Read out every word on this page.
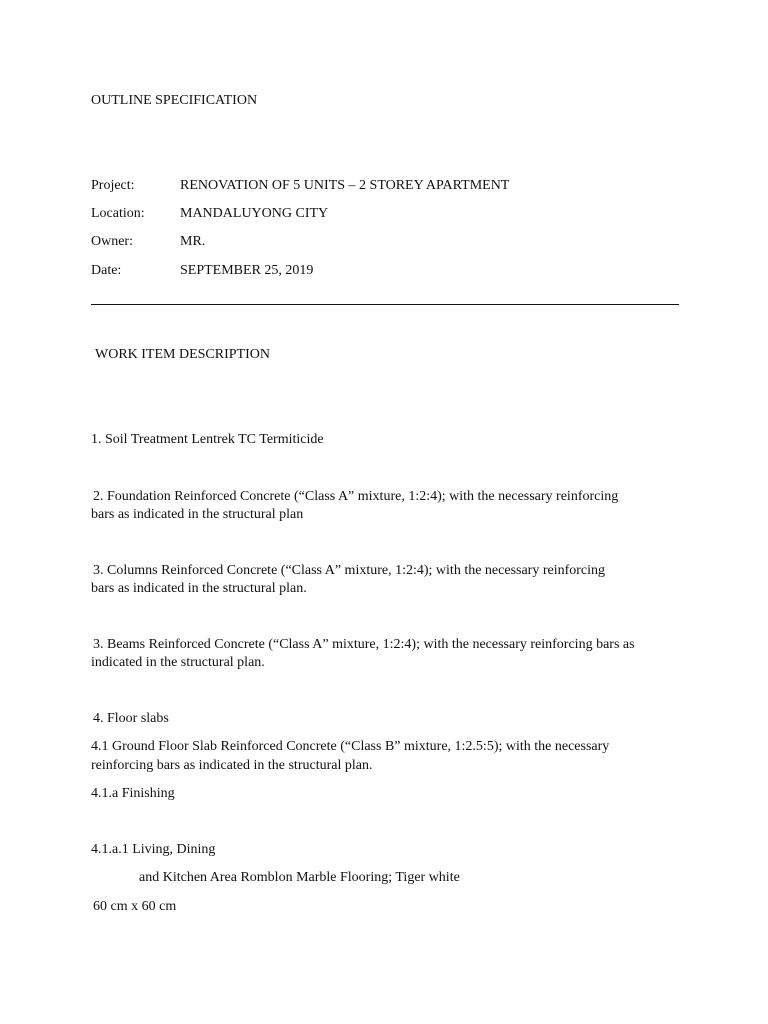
OUTLINE SPECIFICATION
Project:	RENOVATION OF 5 UNITS – 2 STOREY APARTMENT
Location:	MANDALUYONG CITY
Owner:	MR.
Date:	SEPTEMBER 25, 2019
WORK ITEM DESCRIPTION
1. Soil Treatment Lentrek TC Termiticide
2. Foundation Reinforced Concrete (“Class A” mixture, 1:2:4); with the necessary reinforcing
bars as indicated in the structural plan
3. Columns Reinforced Concrete (“Class A” mixture, 1:2:4); with the necessary reinforcing
bars as indicated in the structural plan.
3. Beams Reinforced Concrete (“Class A” mixture, 1:2:4); with the necessary reinforcing bars as
indicated in the structural plan.
4. Floor slabs
4.1 Ground Floor Slab Reinforced Concrete (“Class B” mixture, 1:2.5:5); with the necessary
reinforcing bars as indicated in the structural plan.
4.1.a Finishing
4.1.a.1 Living, Dining
and Kitchen Area Romblon Marble Flooring; Tiger white
60 cm x 60 cm
